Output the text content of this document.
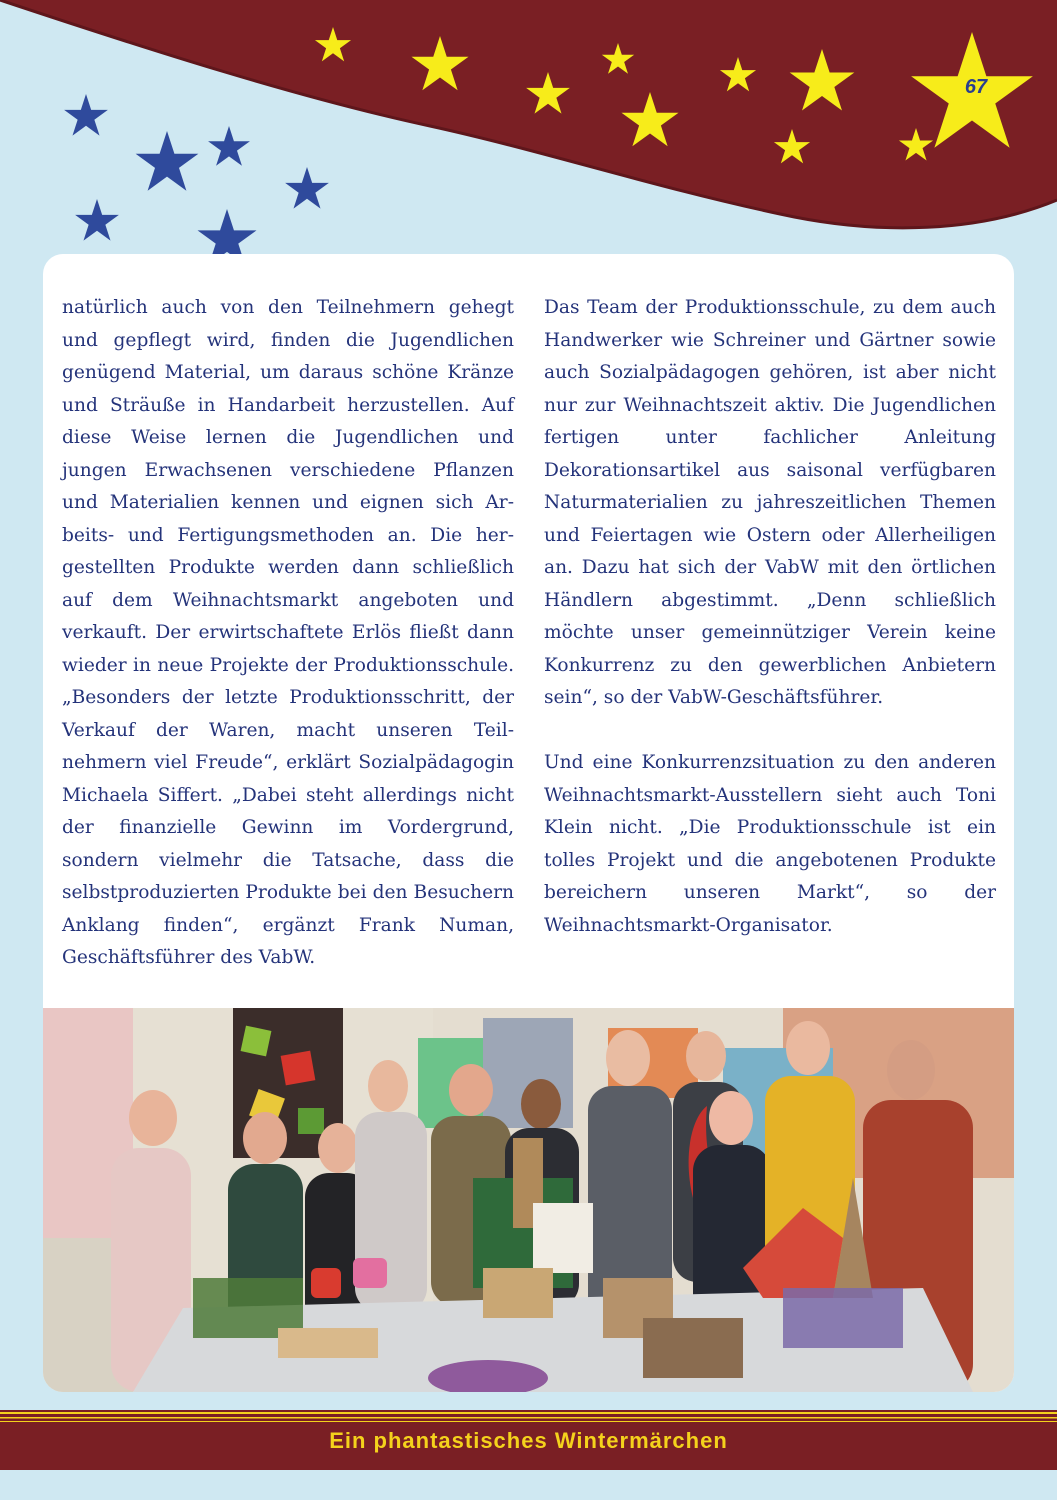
67

natürlich auch von den Teilnehmern gehegt und gepflegt wird, finden die Jugendlichen genügend Material, um daraus schöne Kränze und Sträuße in Handarbeit herzustellen. Auf diese Weise lernen die Jugendlichen und jungen Erwachsenen verschiedene Pflanzen und Materialien kennen und eignen sich Arbeits- und Fertigungsmethoden an. Die hergestellten Produkte werden dann schließlich auf dem Weihnachtsmarkt angeboten und verkauft. Der erwirtschaftete Erlös fließt dann wieder in neue Projekte der Produktionsschule. „Besonders der letzte Produktionsschritt, der Verkauf der Waren, macht unseren Teilnehmern viel Freude“, erklärt Sozialpädagogin Michaela Siffert. „Dabei steht allerdings nicht der finanzielle Gewinn im Vordergrund, sondern vielmehr die Tatsache, dass die selbstproduzierten Produkte bei den Besuchern Anklang finden“, ergänzt Frank Numan, Geschäftsführer des VabW.

Das Team der Produktionsschule, zu dem auch Handwerker wie Schreiner und Gärtner sowie auch Sozialpädagogen gehören, ist aber nicht nur zur Weihnachtszeit aktiv. Die Jugendlichen fertigen unter fachlicher Anleitung Dekorationsartikel aus saisonal verfügbaren Naturmaterialien zu jahreszeitlichen Themen und Feiertagen wie Ostern oder Allerheiligen an. Dazu hat sich der VabW mit den örtlichen Händlern abgestimmt. „Denn schließlich möchte unser gemeinnütziger Verein keine Konkurrenz zu den gewerblichen Anbietern sein“, so der VabW-Geschäftsführer.

Und eine Konkurrenzsituation zu den anderen Weihnachtsmarkt-Ausstellern sieht auch Toni Klein nicht. „Die Produktionsschule ist ein tolles Projekt und die angebotenen Produkte bereichern unseren Markt“, so der Weihnachtsmarkt-Organisator.

Ein phantastisches Wintermärchen
